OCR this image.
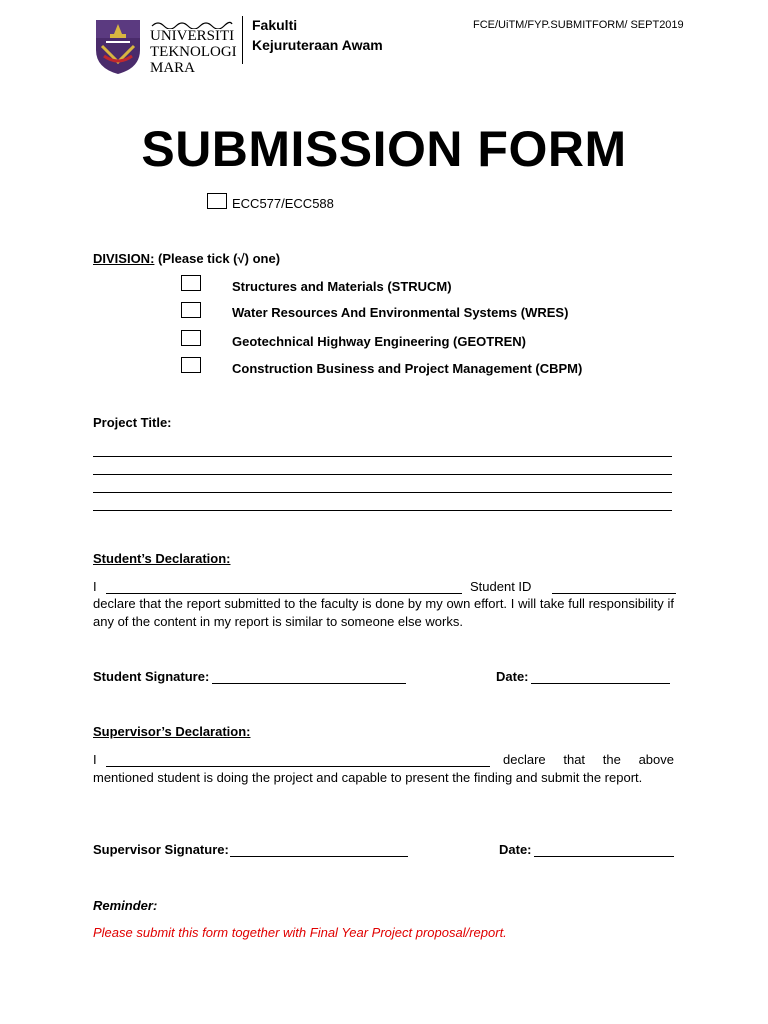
UNIVERSITI
TEKNOLOGI
MARA
Fakulti
Kejuruteraan Awam
FCE/UiTM/FYP.SUBMITFORM/ SEPT2019
SUBMISSION FORM
ECC577/ECC588
DIVISION: (Please tick (√) one)
Structures and Materials (STRUCM)
Water Resources And Environmental Systems (WRES)
Geotechnical Highway Engineering (GEOTREN)
Construction Business and Project Management (CBPM)
Project Title:
Student’s Declaration:
I	Student ID
declare that the report submitted to the faculty is done by my own effort. I will take full responsibility if any of the content in my report is similar to someone else works.
Student Signature:	Date:
Supervisor’s Declaration:
I	declare that the above
mentioned student is doing the project and capable to present the finding and submit the report.
Supervisor Signature:	Date:
Reminder:
Please submit this form together with Final Year Project proposal/report.
